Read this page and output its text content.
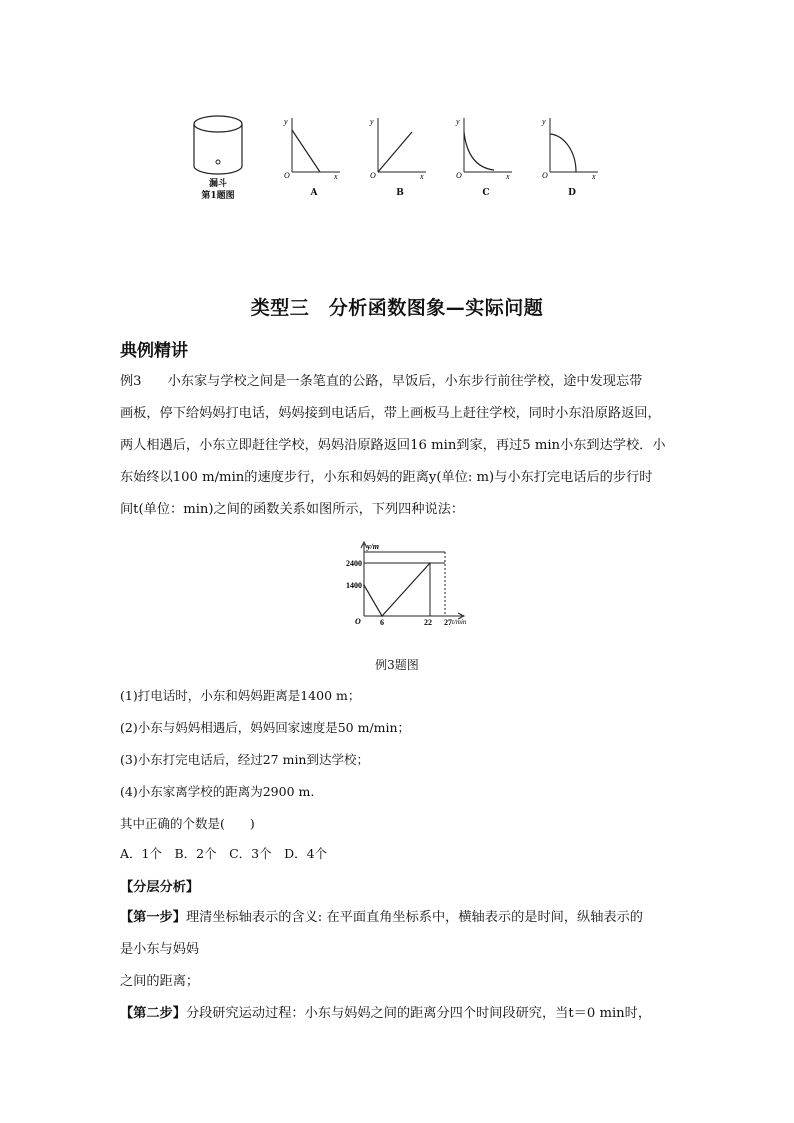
漏斗
第1题图
y
x
O
A
y
x
O
B
y
x
O
C
y
x
O
D
类型三　分析函数图象—实际问题
典例精讲
例3 小东家与学校之间是一条笔直的公路，早饭后，小东步行前往学校，途中发现忘带
画板，停下给妈妈打电话，妈妈接到电话后，带上画板马上赶往学校，同时小东沿原路返回，
两人相遇后，小东立即赶往学校，妈妈沿原路返回16 min到家，再过5 min小东到达学校．小
东始终以100 m/min的速度步行，小东和妈妈的距离y(单位: m)与小东打完电话后的步行时
间t(单位：min)之间的函数关系如图所示，下列四种说法：
y/m
t/min
O
2400
1400
6	22 27
例3题图
(1)打电话时，小东和妈妈距离是1400 m；
(2)小东与妈妈相遇后，妈妈回家速度是50 m/min；
(3)小东打完电话后，经过27 min到达学校；
(4)小东家离学校的距离为2900 m.
其中正确的个数是(　　)
A．1个　B．2个　C．3个　D．4个
【分层分析】
【第一步】理清坐标轴表示的含义: 在平面直角坐标系中，横轴表示的是时间，纵轴表示的
是小东与妈妈
之间的距离；
【第二步】分段研究运动过程：小东与妈妈之间的距离分四个时间段研究，当t＝0 min时，
